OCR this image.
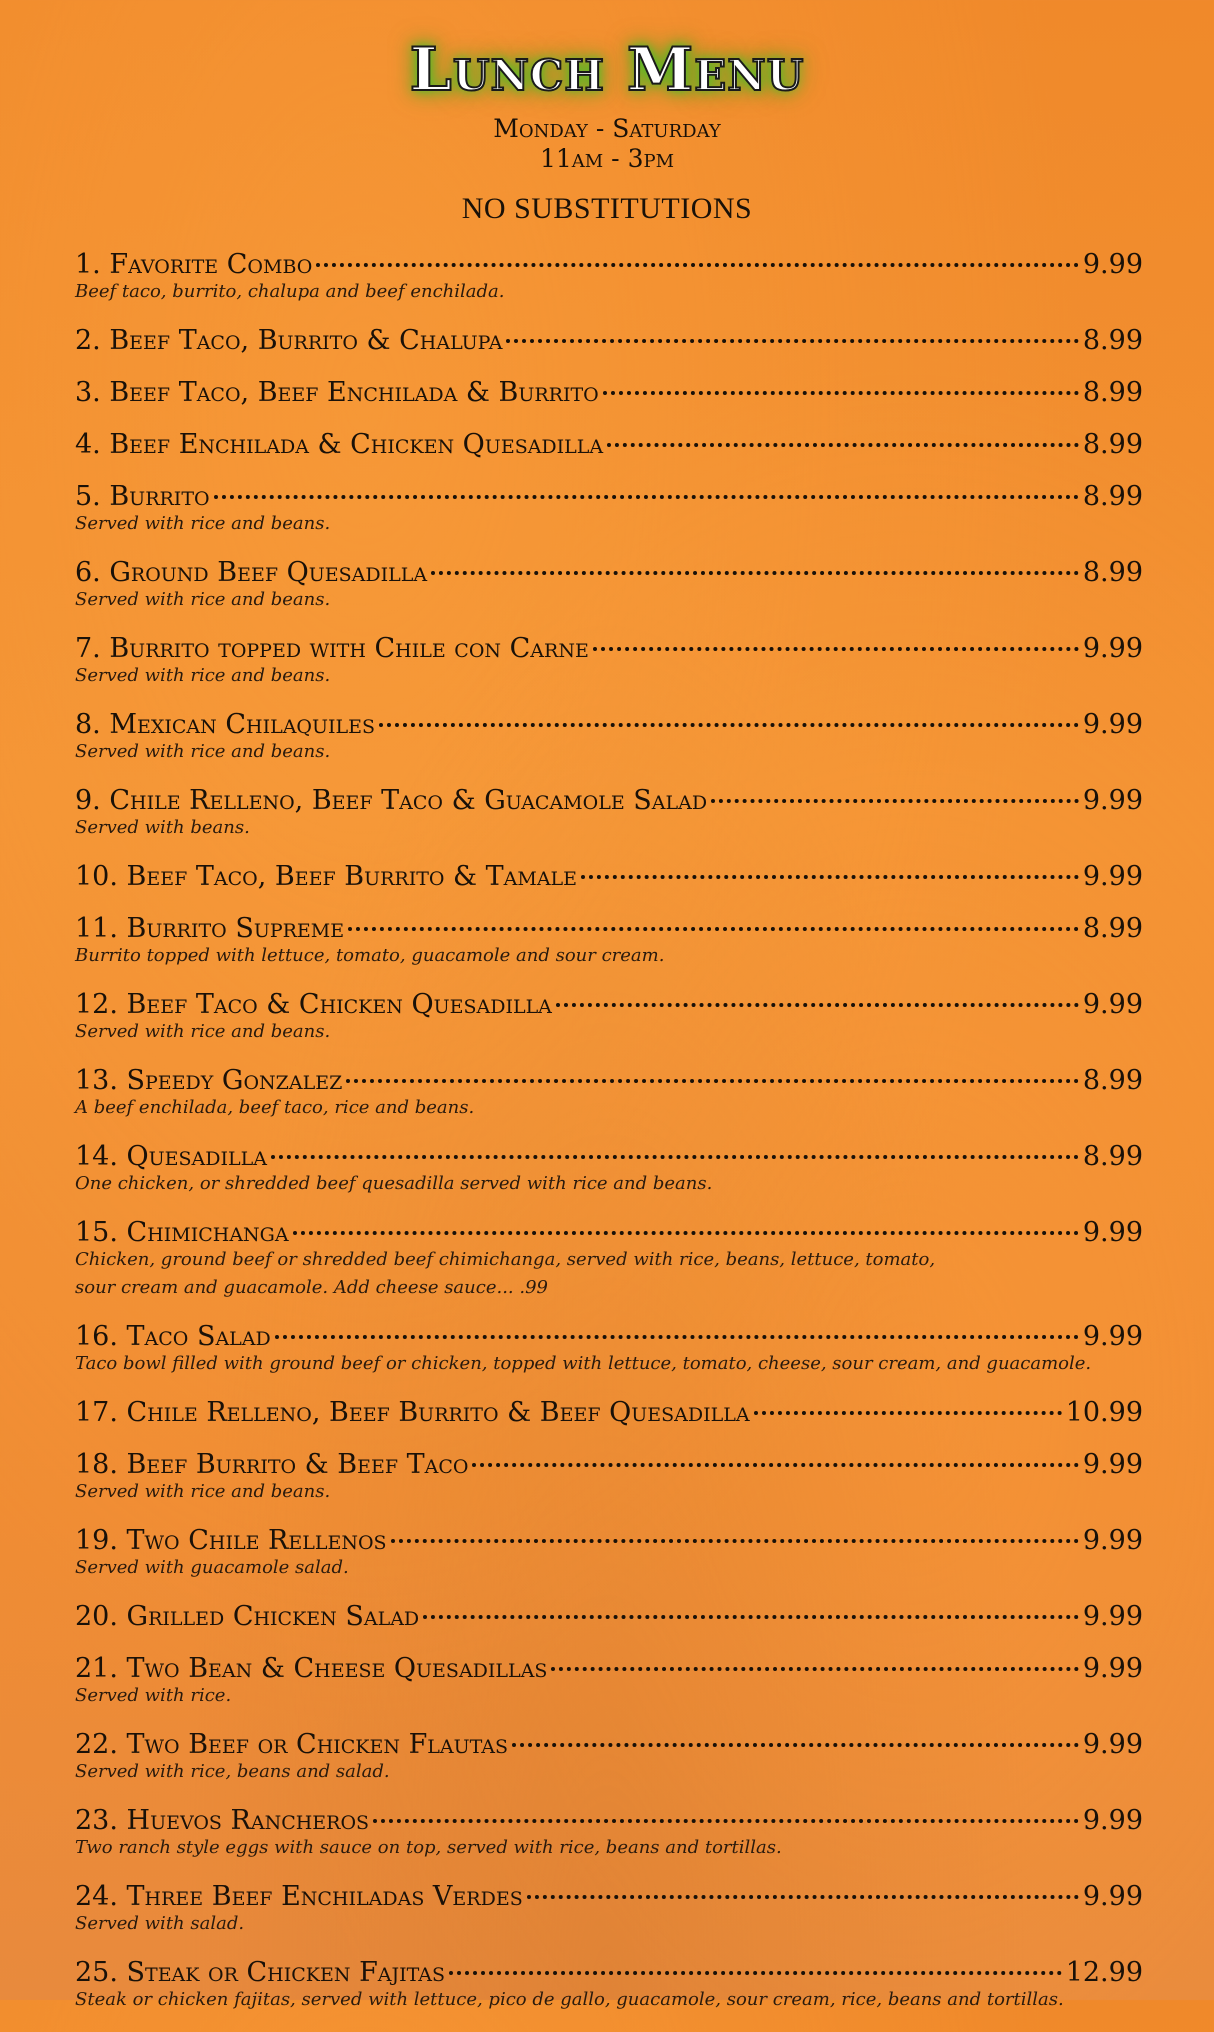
Lunch Menu

Monday - Saturday

11am - 3pm

NO SUBSTITUTIONS
1. Favorite Combo	9.99

Beef taco, burrito, chalupa and beef enchilada.

2. Beef Taco, Burrito & Chalupa	8.99
3. Beef Taco, Beef Enchilada & Burrito	8.99
4. Beef Enchilada & Chicken Quesadilla	8.99
5. Burrito	8.99

Served with rice and beans.

6. Ground Beef Quesadilla	8.99

Served with rice and beans.

7. Burrito topped with Chile con Carne	9.99

Served with rice and beans.

8. Mexican Chilaquiles	9.99

Served with rice and beans.

9. Chile Relleno, Beef Taco & Guacamole Salad	9.99

Served with beans.

10. Beef Taco, Beef Burrito & Tamale	9.99
11. Burrito Supreme	8.99

Burrito topped with lettuce, tomato, guacamole and sour cream.

12. Beef Taco & Chicken Quesadilla	9.99

Served with rice and beans.

13. Speedy Gonzalez	8.99

A beef enchilada, beef taco, rice and beans.

14. Quesadilla	8.99

One chicken, or shredded beef quesadilla served with rice and beans.

15. Chimichanga	9.99

Chicken, ground beef or shredded beef chimichanga, served with rice, beans, lettuce, tomato, sour cream and guacamole. Add cheese sauce... .99

16. Taco Salad	9.99

Taco bowl filled with ground beef or chicken, topped with lettuce, tomato, cheese, sour cream, and guacamole.

17. Chile Relleno, Beef Burrito & Beef Quesadilla	10.99
18. Beef Burrito & Beef Taco	9.99

Served with rice and beans.

19. Two Chile Rellenos	9.99

Served with guacamole salad.

20. Grilled Chicken Salad	9.99
21. Two Bean & Cheese Quesadillas	9.99

Served with rice.

22. Two Beef or Chicken Flautas	9.99

Served with rice, beans and salad.

23. Huevos Rancheros	9.99

Two ranch style eggs with sauce on top, served with rice, beans and tortillas.

24. Three Beef Enchiladas Verdes	9.99

Served with salad.

25. Steak or Chicken Fajitas	12.99

Steak or chicken fajitas, served with lettuce, pico de gallo, guacamole, sour cream, rice, beans and tortillas.
